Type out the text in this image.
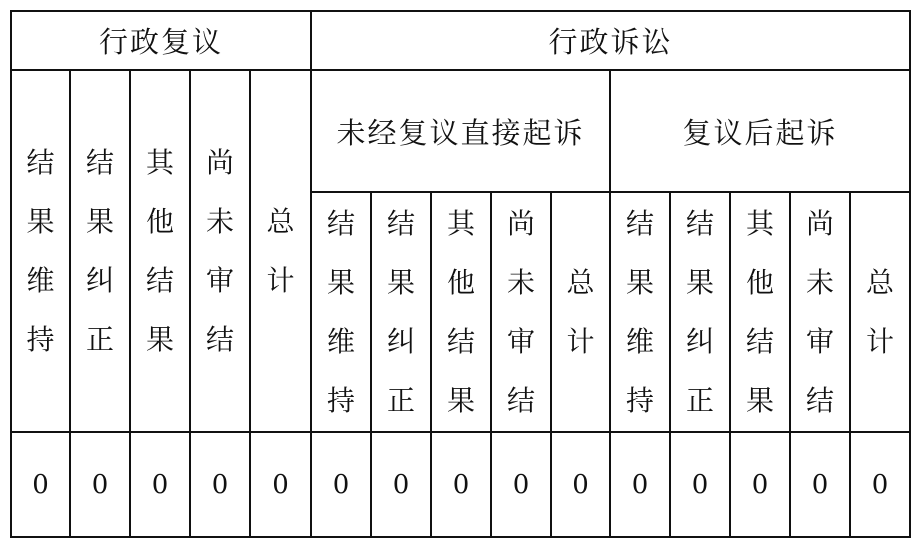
行政复议					行政诉讼									
结果维持	结果纠正	其他结果	尚未审结	总计	未经复议直接起诉					复议后起诉				
					结果维持	结果纠正	其他结果	尚未审结	总计	结果维持	结果纠正	其他结果	尚未审结	总计
0	0	0	0	0	0	0	0	0	0	0	0	0	0	0
